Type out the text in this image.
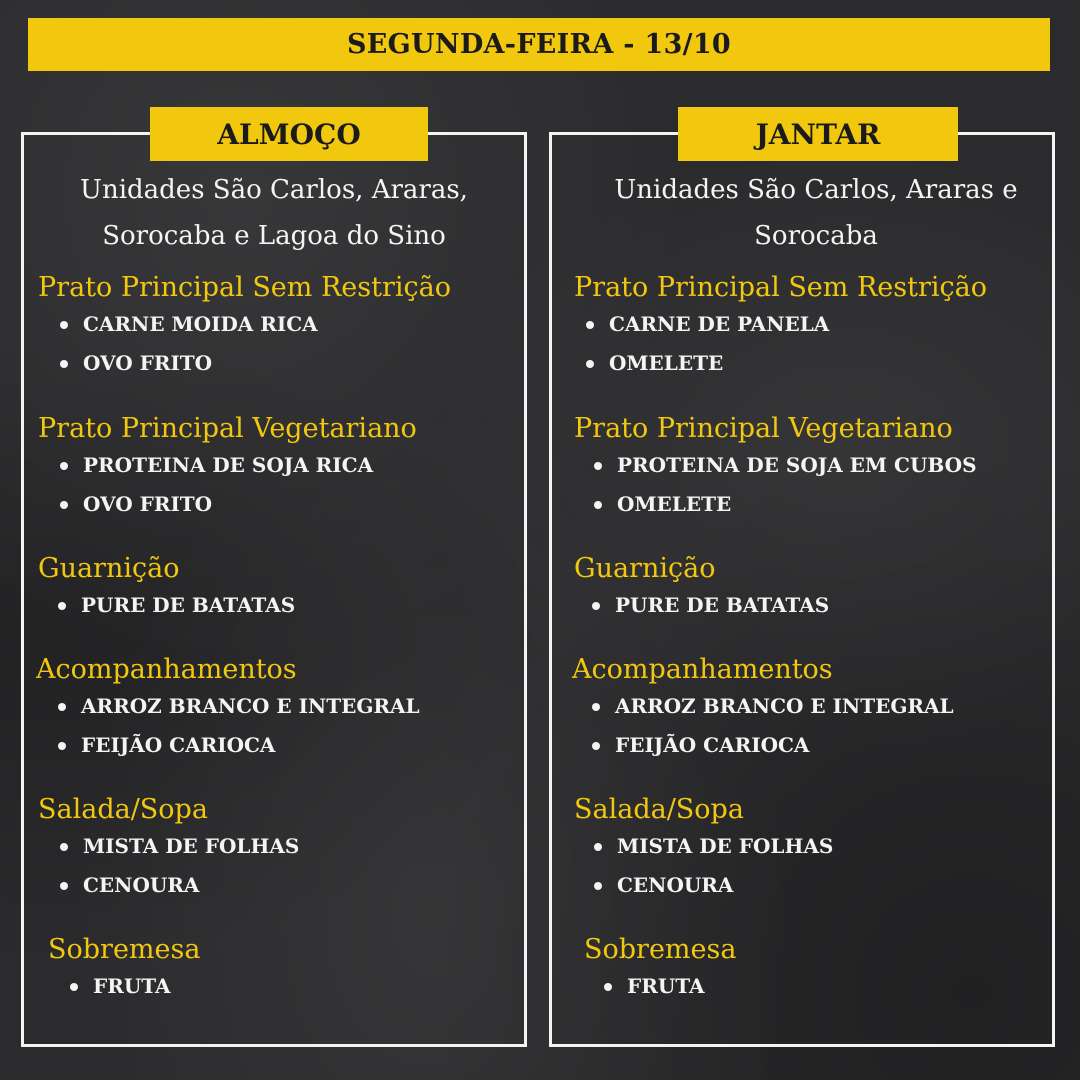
SEGUNDA-FEIRA - 13/10
ALMOÇO
Unidades São Carlos, Araras,
Sorocaba e Lagoa do Sino
Prato Principal Sem Restrição
CARNE MOIDA RICA
OVO FRITO
Prato Principal Vegetariano
PROTEINA DE SOJA RICA
OVO FRITO
Guarnição
PURE DE BATATAS
Acompanhamentos
ARROZ BRANCO E INTEGRAL
FEIJÃO CARIOCA
Salada/Sopa
MISTA DE FOLHAS
CENOURA
Sobremesa
FRUTA
JANTAR
Unidades São Carlos, Araras e
Sorocaba
Prato Principal Sem Restrição
CARNE DE PANELA
OMELETE
Prato Principal Vegetariano
PROTEINA DE SOJA EM CUBOS
OMELETE
Guarnição
PURE DE BATATAS
Acompanhamentos
ARROZ BRANCO E INTEGRAL
FEIJÃO CARIOCA
Salada/Sopa
MISTA DE FOLHAS
CENOURA
Sobremesa
FRUTA
